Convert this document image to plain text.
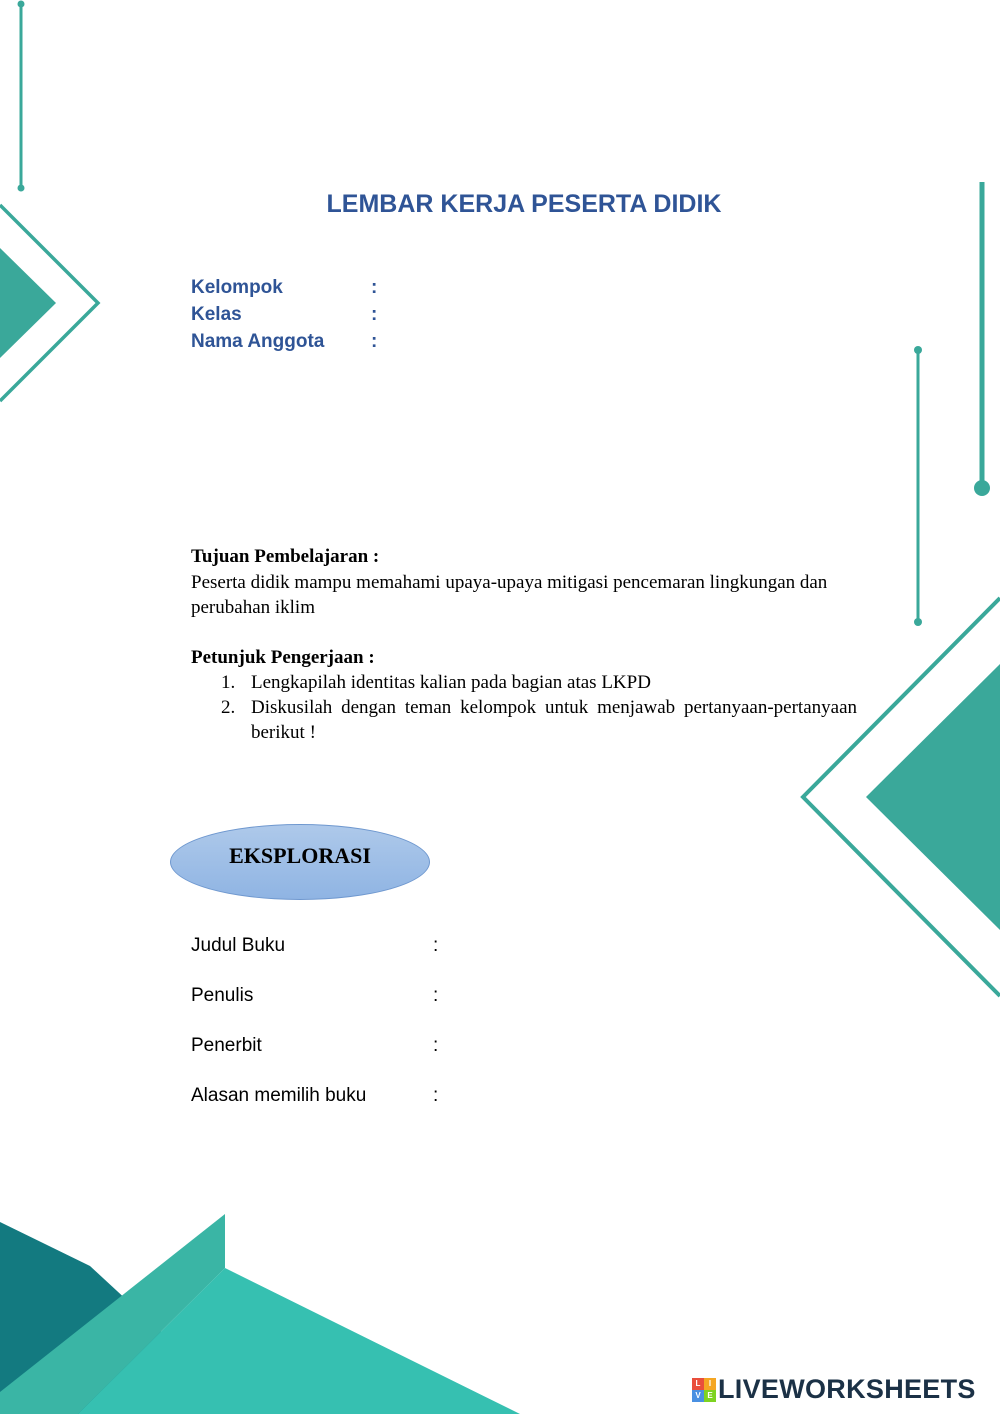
LEMBAR KERJA PESERTA DIDIK
Kelompok	:
Kelas	:
Nama Anggota :
Tujuan Pembelajaran :
Peserta didik mampu memahami upaya-upaya mitigasi pencemaran lingkungan dan perubahan iklim
Petunjuk Pengerjaan :
1. Lengkapilah identitas kalian pada bagian atas LKPD
2. Diskusilah dengan teman kelompok untuk menjawab pertanyaan-pertanyaan berikut !
EKSPLORASI
Judul Buku	:
Penulis	:
Penerbit	:
Alasan memilih buku	:
L	I
V E LIVEWORKSHEETS
